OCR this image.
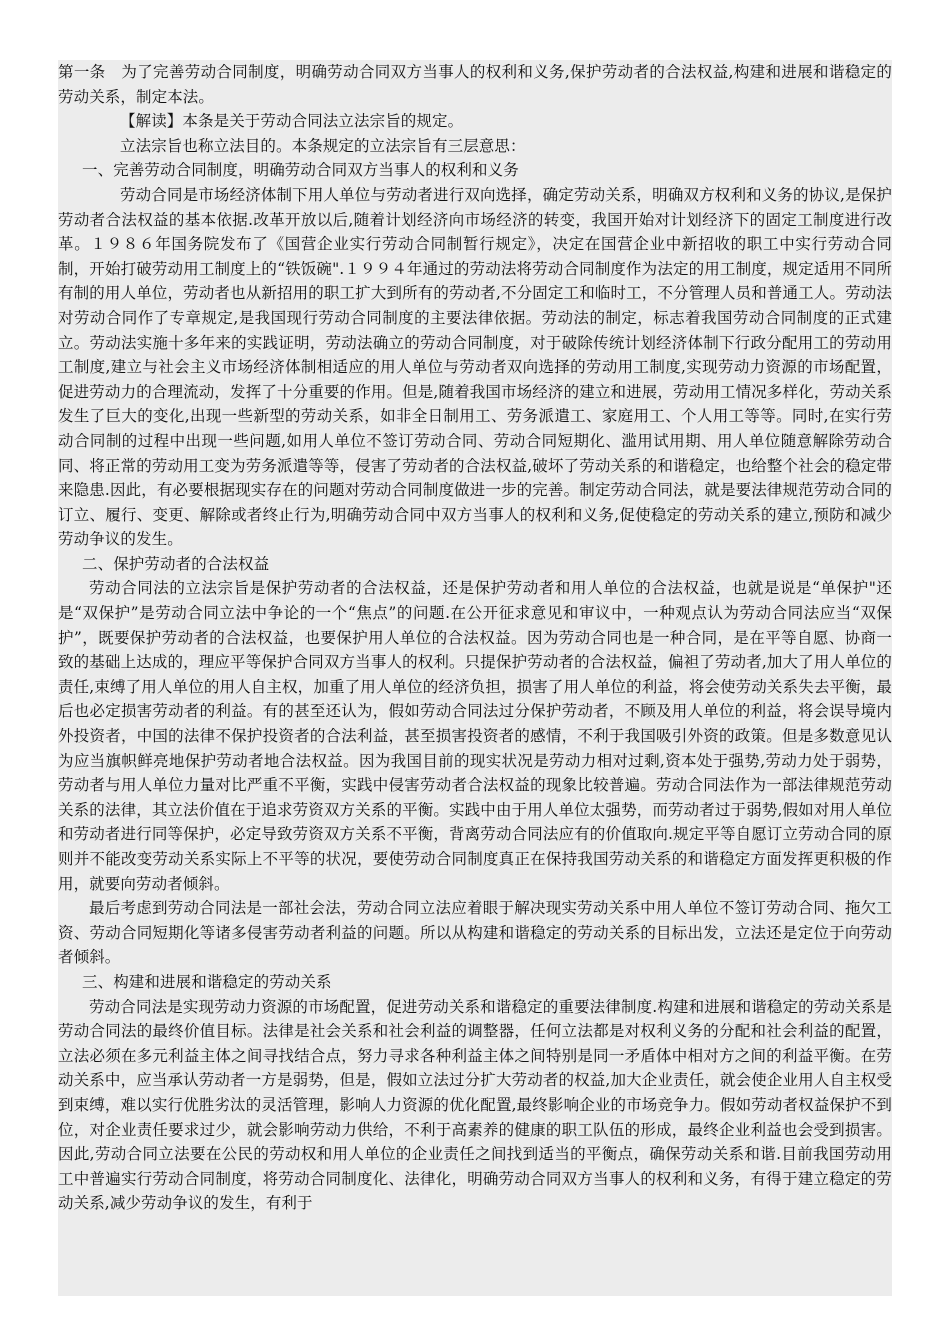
第一条　为了完善劳动合同制度，明确劳动合同双方当事人的权利和义务,保护劳动者的合法权益,构建和进展和谐稳定的劳动关系，制定本法。

【解读】本条是关于劳动合同法立法宗旨的规定。

立法宗旨也称立法目的。本条规定的立法宗旨有三层意思：

一、完善劳动合同制度，明确劳动合同双方当事人的权利和义务

劳动合同是市场经济体制下用人单位与劳动者进行双向选择，确定劳动关系，明确双方权利和义务的协议,是保护劳动者合法权益的基本依据.改革开放以后,随着计划经济向市场经济的转变，我国开始对计划经济下的固定工制度进行改革。１９８６年国务院发布了《国营企业实行劳动合同制暂行规定》，决定在国营企业中新招收的职工中实行劳动合同制，开始打破劳动用工制度上的“铁饭碗".１９９４年通过的劳动法将劳动合同制度作为法定的用工制度，规定适用不同所有制的用人单位，劳动者也从新招用的职工扩大到所有的劳动者,不分固定工和临时工，不分管理人员和普通工人。劳动法对劳动合同作了专章规定,是我国现行劳动合同制度的主要法律依据。劳动法的制定，标志着我国劳动合同制度的正式建立。劳动法实施十多年来的实践证明，劳动法确立的劳动合同制度，对于破除传统计划经济体制下行政分配用工的劳动用工制度,建立与社会主义市场经济体制相适应的用人单位与劳动者双向选择的劳动用工制度,实现劳动力资源的市场配置，促进劳动力的合理流动，发挥了十分重要的作用。但是,随着我国市场经济的建立和进展，劳动用工情况多样化，劳动关系发生了巨大的变化,出现一些新型的劳动关系，如非全日制用工、劳务派遣工、家庭用工、个人用工等等。同时,在实行劳动合同制的过程中出现一些问题,如用人单位不签订劳动合同、劳动合同短期化、滥用试用期、用人单位随意解除劳动合同、将正常的劳动用工变为劳务派遣等等，侵害了劳动者的合法权益,破坏了劳动关系的和谐稳定，也给整个社会的稳定带来隐患.因此，有必要根据现实存在的问题对劳动合同制度做进一步的完善。制定劳动合同法，就是要法律规范劳动合同的订立、履行、变更、解除或者终止行为,明确劳动合同中双方当事人的权利和义务,促使稳定的劳动关系的建立,预防和减少劳动争议的发生。

二、保护劳动者的合法权益

劳动合同法的立法宗旨是保护劳动者的合法权益，还是保护劳动者和用人单位的合法权益，也就是说是“单保护"还是“双保护”是劳动合同立法中争论的一个“焦点”的问题.在公开征求意见和审议中，一种观点认为劳动合同法应当“双保护”，既要保护劳动者的合法权益，也要保护用人单位的合法权益。因为劳动合同也是一种合同，是在平等自愿、协商一致的基础上达成的，理应平等保护合同双方当事人的权利。只提保护劳动者的合法权益，偏袒了劳动者,加大了用人单位的责任,束缚了用人单位的用人自主权，加重了用人单位的经济负担，损害了用人单位的利益，将会使劳动关系失去平衡，最后也必定损害劳动者的利益。有的甚至还认为，假如劳动合同法过分保护劳动者，不顾及用人单位的利益，将会误导境内外投资者，中国的法律不保护投资者的合法利益，甚至损害投资者的感情，不利于我国吸引外资的政策。但是多数意见认为应当旗帜鲜亮地保护劳动者地合法权益。因为我国目前的现实状况是劳动力相对过剩,资本处于强势,劳动力处于弱势，劳动者与用人单位力量对比严重不平衡，实践中侵害劳动者合法权益的现象比较普遍。劳动合同法作为一部法律规范劳动关系的法律，其立法价值在于追求劳资双方关系的平衡。实践中由于用人单位太强势，而劳动者过于弱势,假如对用人单位和劳动者进行同等保护，必定导致劳资双方关系不平衡，背离劳动合同法应有的价值取向.规定平等自愿订立劳动合同的原则并不能改变劳动关系实际上不平等的状况，要使劳动合同制度真正在保持我国劳动关系的和谐稳定方面发挥更积极的作用，就要向劳动者倾斜。

最后考虑到劳动合同法是一部社会法，劳动合同立法应着眼于解决现实劳动关系中用人单位不签订劳动合同、拖欠工资、劳动合同短期化等诸多侵害劳动者利益的问题。所以从构建和谐稳定的劳动关系的目标出发，立法还是定位于向劳动者倾斜。

三、构建和进展和谐稳定的劳动关系

劳动合同法是实现劳动力资源的市场配置，促进劳动关系和谐稳定的重要法律制度.构建和进展和谐稳定的劳动关系是劳动合同法的最终价值目标。法律是社会关系和社会利益的调整器，任何立法都是对权利义务的分配和社会利益的配置，立法必须在多元利益主体之间寻找结合点，努力寻求各种利益主体之间特别是同一矛盾体中相对方之间的利益平衡。在劳动关系中，应当承认劳动者一方是弱势，但是，假如立法过分扩大劳动者的权益,加大企业责任，就会使企业用人自主权受到束缚，难以实行优胜劣汰的灵活管理，影响人力资源的优化配置,最终影响企业的市场竞争力。假如劳动者权益保护不到位，对企业责任要求过少，就会影响劳动力供给，不利于高素养的健康的职工队伍的形成，最终企业利益也会受到损害。因此,劳动合同立法要在公民的劳动权和用人单位的企业责任之间找到适当的平衡点，确保劳动关系和谐.目前我国劳动用工中普遍实行劳动合同制度，将劳动合同制度化、法律化，明确劳动合同双方当事人的权利和义务，有得于建立稳定的劳动关系,减少劳动争议的发生，有利于
